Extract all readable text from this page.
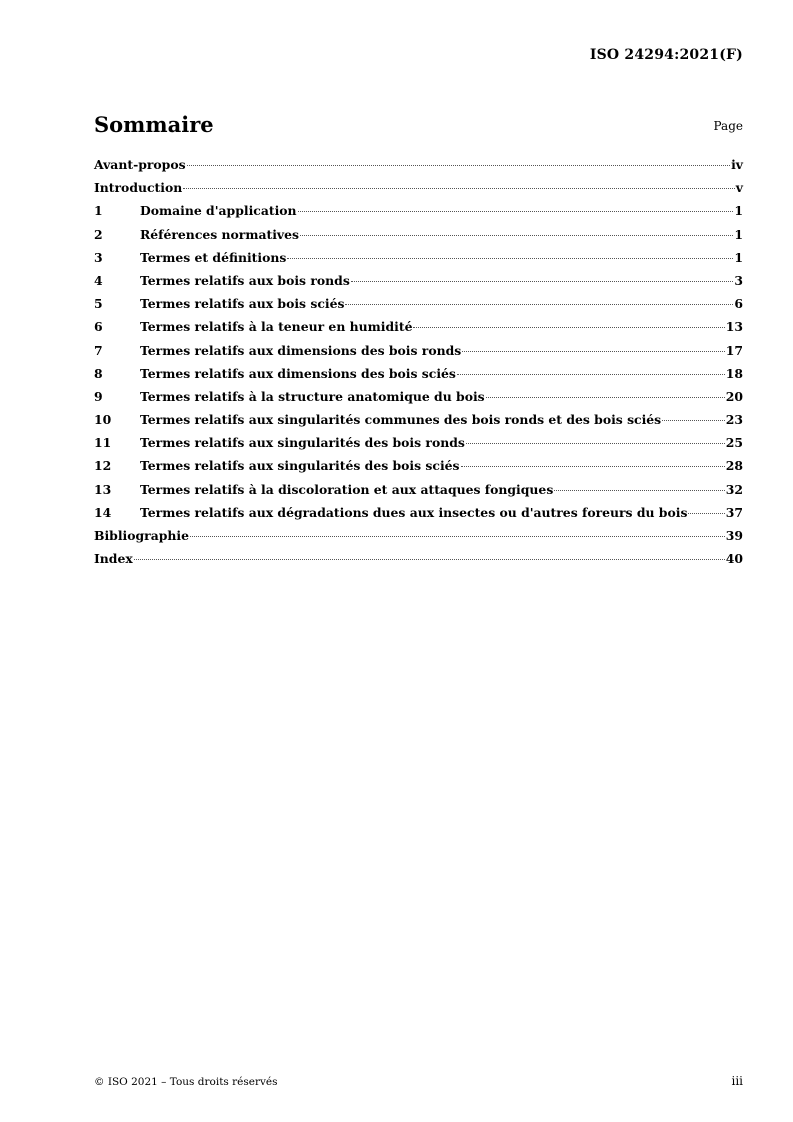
ISO 24294:2021(F)
Sommaire	Page
Avant-propos	iv
Introduction	v
1	Domaine d'application	1
2	Références normatives	1
3	Termes et définitions	1
4	Termes relatifs aux bois ronds	3
5	Termes relatifs aux bois sciés	6
6	Termes relatifs à la teneur en humidité	13
7	Termes relatifs aux dimensions des bois ronds	17
8	Termes relatifs aux dimensions des bois sciés	18
9	Termes relatifs à la structure anatomique du bois	20
10	Termes relatifs aux singularités communes des bois ronds et des bois sciés	23
11	Termes relatifs aux singularités des bois ronds	25
12	Termes relatifs aux singularités des bois sciés	28
13	Termes relatifs à la discoloration et aux attaques fongiques	32
14	Termes relatifs aux dégradations dues aux insectes ou d'autres foreurs du bois	37
Bibliographie	39
Index	40
© ISO 2021 – Tous droits réservés	iii
